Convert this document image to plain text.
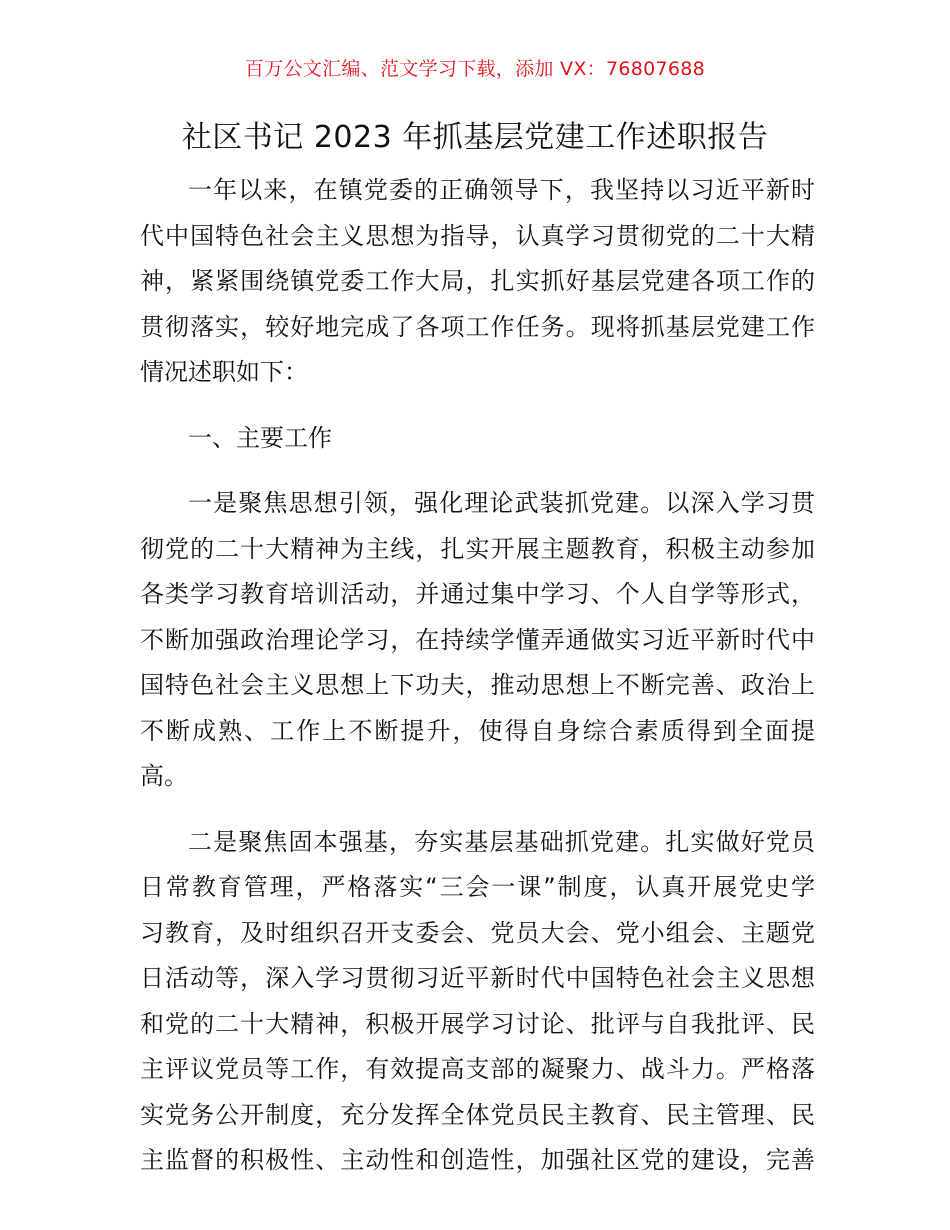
百万公文汇编、范文学习下载，添加 VX：76807688
社区书记 2023 年抓基层党建工作述职报告
一年以来，在镇党委的正确领导下，我坚持以习近平新时
代中国特色社会主义思想为指导，认真学习贯彻党的二十大精
神，紧紧围绕镇党委工作大局，扎实抓好基层党建各项工作的
贯彻落实，较好地完成了各项工作任务。现将抓基层党建工作
情况述职如下：
一、主要工作
一是聚焦思想引领，强化理论武装抓党建。以深入学习贯
彻党的二十大精神为主线，扎实开展主题教育，积极主动参加
各类学习教育培训活动，并通过集中学习、个人自学等形式，
不断加强政治理论学习，在持续学懂弄通做实习近平新时代中
国特色社会主义思想上下功夫，推动思想上不断完善、政治上
不断成熟、工作上不断提升，使得自身综合素质得到全面提
高。
二是聚焦固本强基，夯实基层基础抓党建。扎实做好党员
日常教育管理，严格落实“三会一课”制度，认真开展党史学
习教育，及时组织召开支委会、党员大会、党小组会、主题党
日活动等，深入学习贯彻习近平新时代中国特色社会主义思想
和党的二十大精神，积极开展学习讨论、批评与自我批评、民
主评议党员等工作，有效提高支部的凝聚力、战斗力。严格落
实党务公开制度，充分发挥全体党员民主教育、民主管理、民
主监督的积极性、主动性和创造性，加强社区党的建设，完善
